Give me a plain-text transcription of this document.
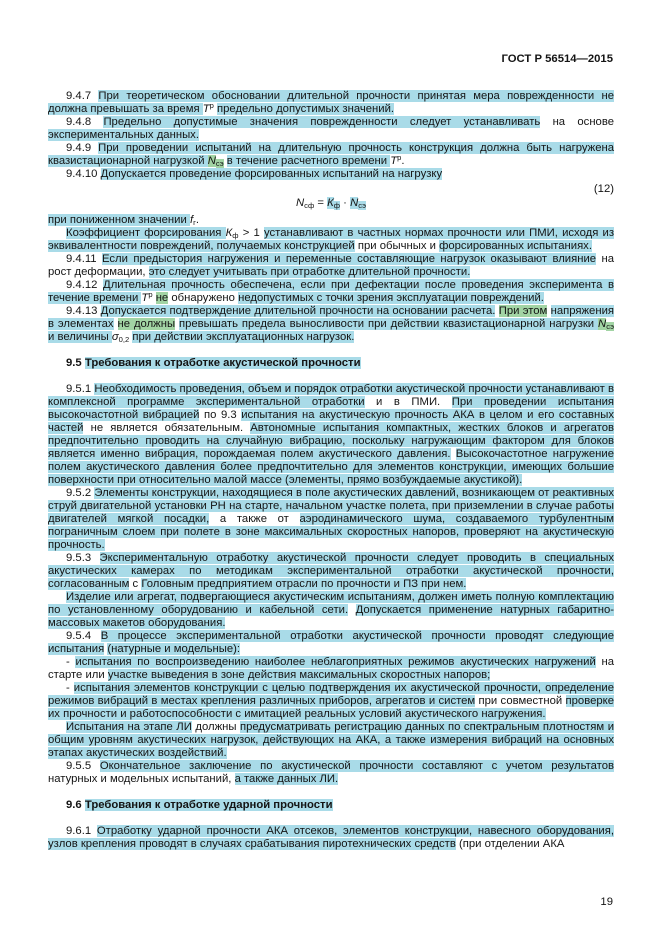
ГОСТ Р 56514—2015

9.4.7 При теоретическом обосновании длительной прочности принятая мера поврежденности не должна превышать за время $Т^р$ предельно допустимых значений.

9.4.8 Предельно допустимые значения поврежденности следует устанавливать на основе экспериментальных данных.

9.4.9 При проведении испытаний на длительную прочность конструкция должна быть нагружена квазистационарной нагрузкой $N_{сэ}$ в течение расчетного времени $Т^р$.

9.4.10 Допускается проведение форсированных испытаний на нагрузку

$N_{сф} = К_ф \cdot N_{сэ}$
(12)

при пониженном значении $f_г$.

Коэффициент форсирования $К_ф > 1$ устанавливают в частных нормах прочности или ПМИ, исходя из эквивалентности повреждений, получаемых конструкцией при обычных и форсированных испытаниях.

9.4.11 Если предыстория нагружения и переменные составляющие нагрузок оказывают влияние на рост деформации, это следует учитывать при отработке длительной прочности.

9.4.12 Длительная прочность обеспечена, если при дефектации после проведения эксперимента в течение времени $Т^р$ не обнаружено недопустимых с точки зрения эксплуатации повреждений.

9.4.13 Допускается подтверждение длительной прочности на основании расчета. При этом напряжения в элементах не должны превышать предела выносливости при действии квазистационарной нагрузки $N_{сэ}$ и величины $\sigma_{0,2}$ при действии эксплуатационных нагрузок.

9.5 Требования к отработке акустической прочности

9.5.1 Необходимость проведения, объем и порядок отработки акустической прочности устанавливают в комплексной программе экспериментальной отработки и в ПМИ. При проведении испытания высокочастотной вибрацией по 9.3 испытания на акустическую прочность АКА в целом и его составных частей не является обязательным. Автономные испытания компактных, жестких блоков и агрегатов предпочтительно проводить на случайную вибрацию, поскольку нагружающим фактором для блоков является именно вибрация, порождаемая полем акустического давления. Высокочастотное нагружение полем акустического давления более предпочтительно для элементов конструкции, имеющих большие поверхности при относительно малой массе (элементы, прямо возбуждаемые акустикой).

9.5.2 Элементы конструкции, находящиеся в поле акустических давлений, возникающем от реактивных струй двигательной установки РН на старте, начальном участке полета, при приземлении в случае работы двигателей мягкой посадки, а также от аэродинамического шума, создаваемого турбулентным пограничным слоем при полете в зоне максимальных скоростных напоров, проверяют на акустическую прочность.

9.5.3 Экспериментальную отработку акустической прочности следует проводить в специальных акустических камерах по методикам экспериментальной отработки акустической прочности, согласованным с Головным предприятием отрасли по прочности и ПЗ при нем.

Изделие или агрегат, подвергающиеся акустическим испытаниям, должен иметь полную комплектацию по установленному оборудованию и кабельной сети. Допускается применение натурных габаритно-массовых макетов оборудования.

9.5.4 В процессе экспериментальной отработки акустической прочности проводят следующие испытания (натурные и модельные):

- испытания по воспроизведению наиболее неблагоприятных режимов акустических нагружений на старте или участке выведения в зоне действия максимальных скоростных напоров;

- испытания элементов конструкции с целью подтверждения их акустической прочности, определение режимов вибраций в местах крепления различных приборов, агрегатов и систем при совместной проверке их прочности и работоспособности с имитацией реальных условий акустического нагружения.

Испытания на этапе ЛИ должны предусматривать регистрацию данных по спектральным плотностям и общим уровням акустических нагрузок, действующих на АКА, а также измерения вибраций на основных этапах акустических воздействий.

9.5.5 Окончательное заключение по акустической прочности составляют с учетом результатов натурных и модельных испытаний, а также данных ЛИ.

9.6 Требования к отработке ударной прочности

9.6.1 Отработку ударной прочности АКА отсеков, элементов конструкции, навесного оборудования, узлов крепления проводят в случаях срабатывания пиротехнических средств (при отделении АКА

19
